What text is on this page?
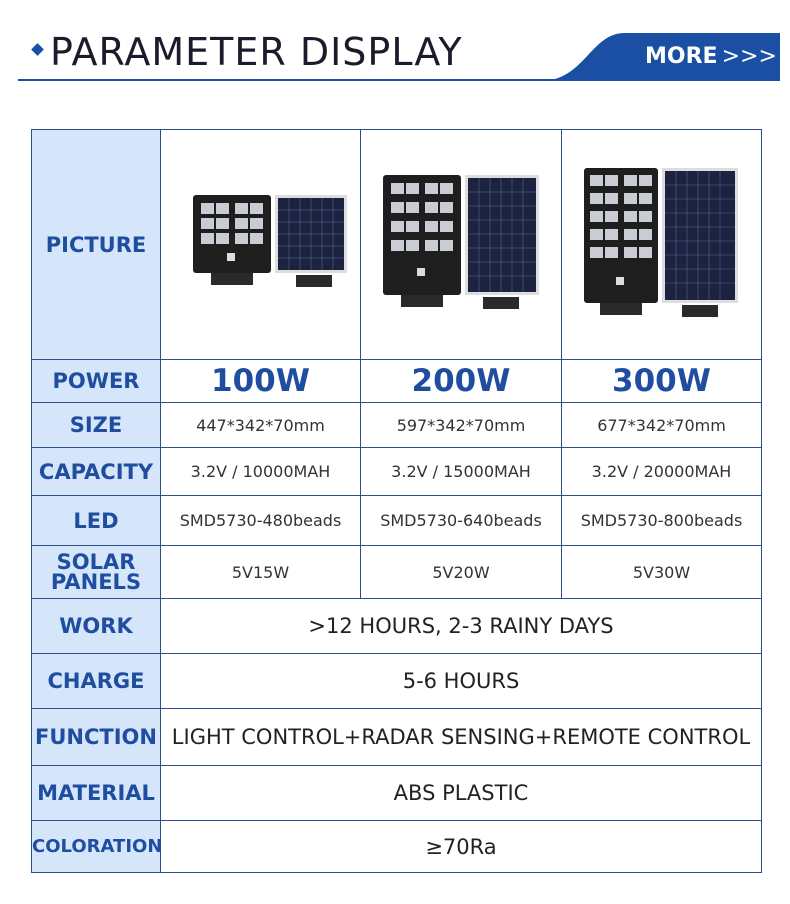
PARAMETER DISPLAY	MORE >>>
PICTURE	

POWER	100W	200W	300W
SIZE	447*342*70mm	597*342*70mm	677*342*70mm
CAPACITY	3.2V / 10000MAH	3.2V / 15000MAH	3.2V / 20000MAH
LED	SMD5730-480beads	SMD5730-640beads	SMD5730-800beads

SOLAR
PANELS	5V15W	5V20W	5V30W
WORK	>12 HOURS, 2-3 RAINY DAYS		
CHARGE	5-6 HOURS		
FUNCTION	LIGHT CONTROL+RADAR SENSING+REMOTE CONTROL		
MATERIAL	ABS PLASTIC		
COLORATION	≥70Ra		
